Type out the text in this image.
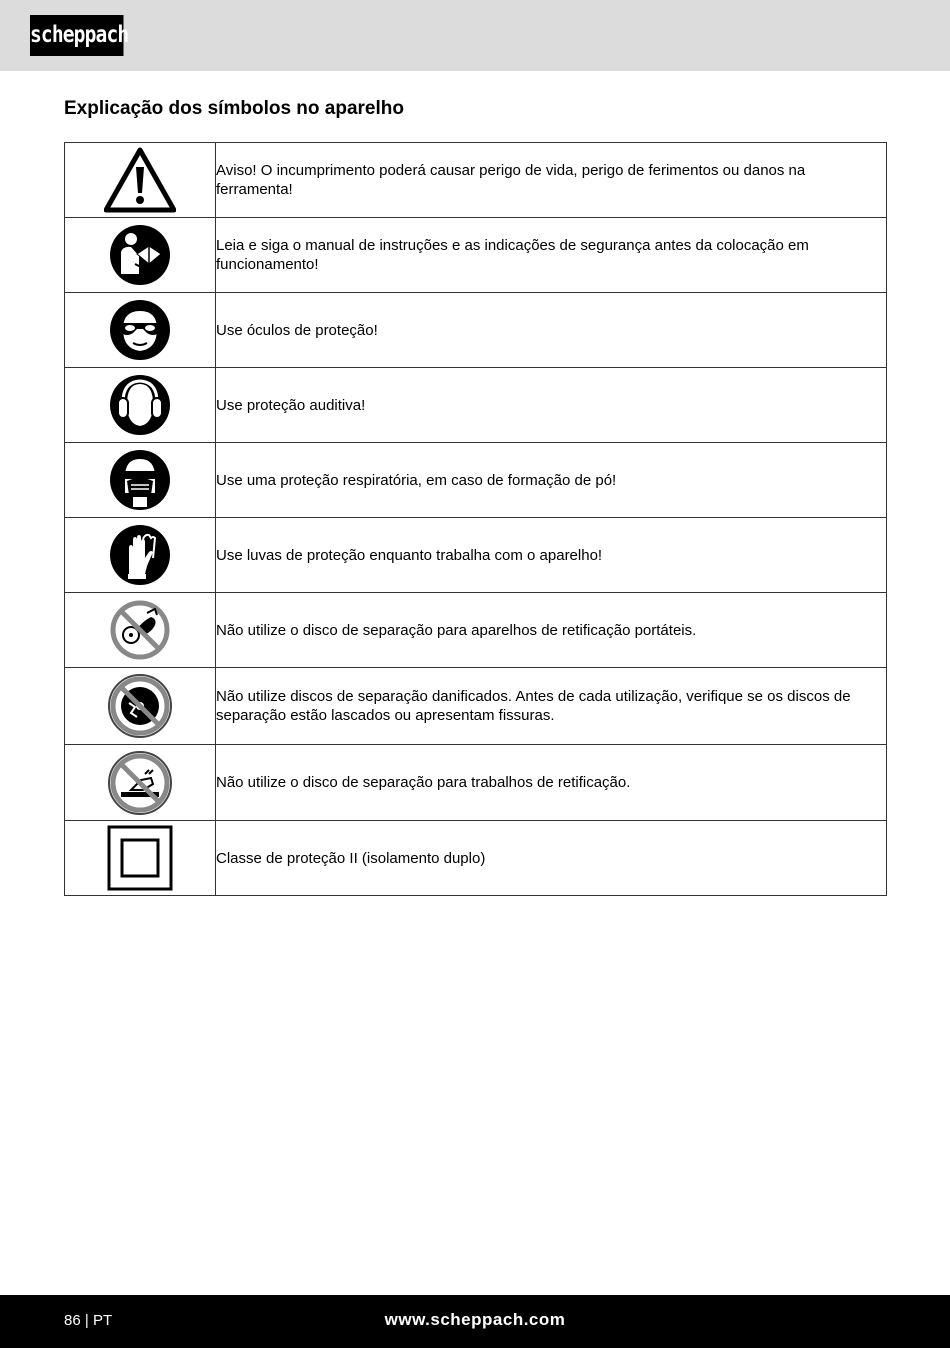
scheppach
Explicação dos símbolos no aparelho
	Aviso! O incumprimento poderá causar perigo de vida, perigo de ferimentos ou danos na ferramenta!

	Leia e siga o manual de instruções e as indicações de segurança antes da colocação em funcionamento!

	Use óculos de proteção!

	Use proteção auditiva!

	Use uma proteção respiratória, em caso de formação de pó!

	Use luvas de proteção enquanto trabalha com o aparelho!

	Não utilize o disco de separação para aparelhos de retificação portáteis.

	Não utilize discos de separação danificados. Antes de cada utilização, verifique se os discos de separação estão lascados ou apresentam fissuras.

	Não utilize o disco de separação para trabalhos de retificação.

	Classe de proteção II (isolamento duplo)
86 | PT	www.scheppach.com
